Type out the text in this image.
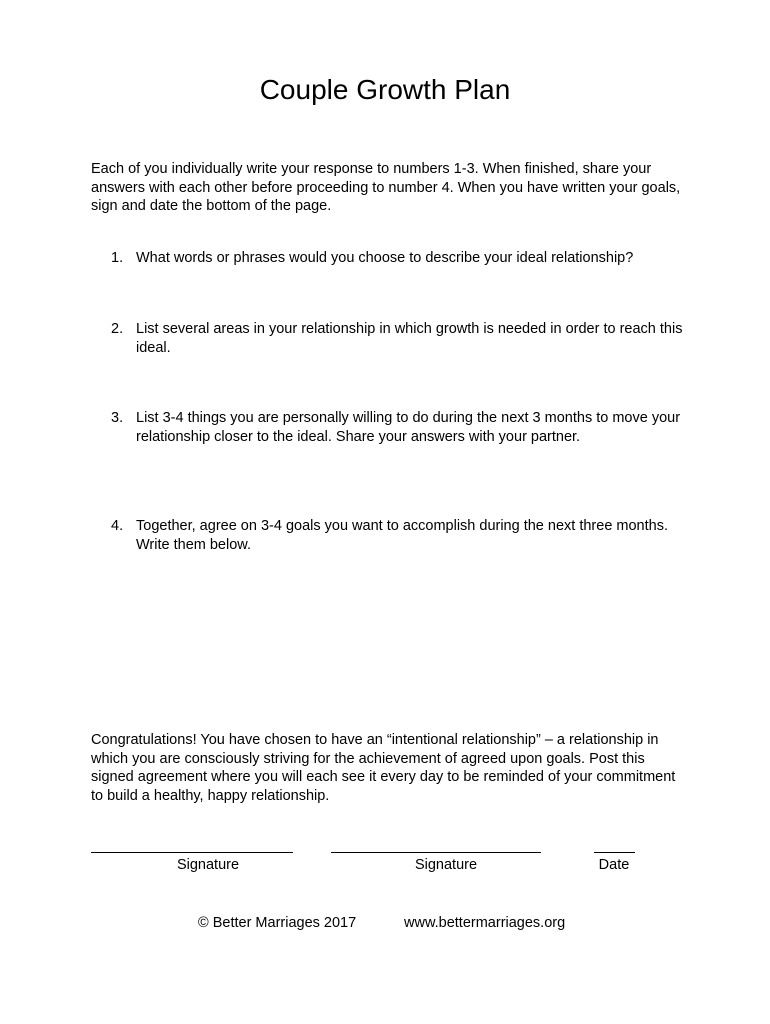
Couple Growth Plan

Each of you individually write your response to numbers 1-3. When finished, share your answers with each other before proceeding to number 4. When you have written your goals, sign and date the bottom of the page.

1. What words or phrases would you choose to describe your ideal relationship?
2. List several areas in your relationship in which growth is needed in order to reach this ideal.
3. List 3-4 things you are personally willing to do during the next 3 months to move your relationship closer to the ideal. Share your answers with your partner.
4. Together, agree on 3-4 goals you want to accomplish during the next three months. Write them below.

Congratulations! You have chosen to have an “intentional relationship” – a relationship in which you are consciously striving for the achievement of agreed upon goals. Post this signed agreement where you will each see it every day to be reminded of your commitment to build a healthy, happy relationship.

Signature	Signature	Date
© Better Marriages 2017	www.bettermarriages.org
